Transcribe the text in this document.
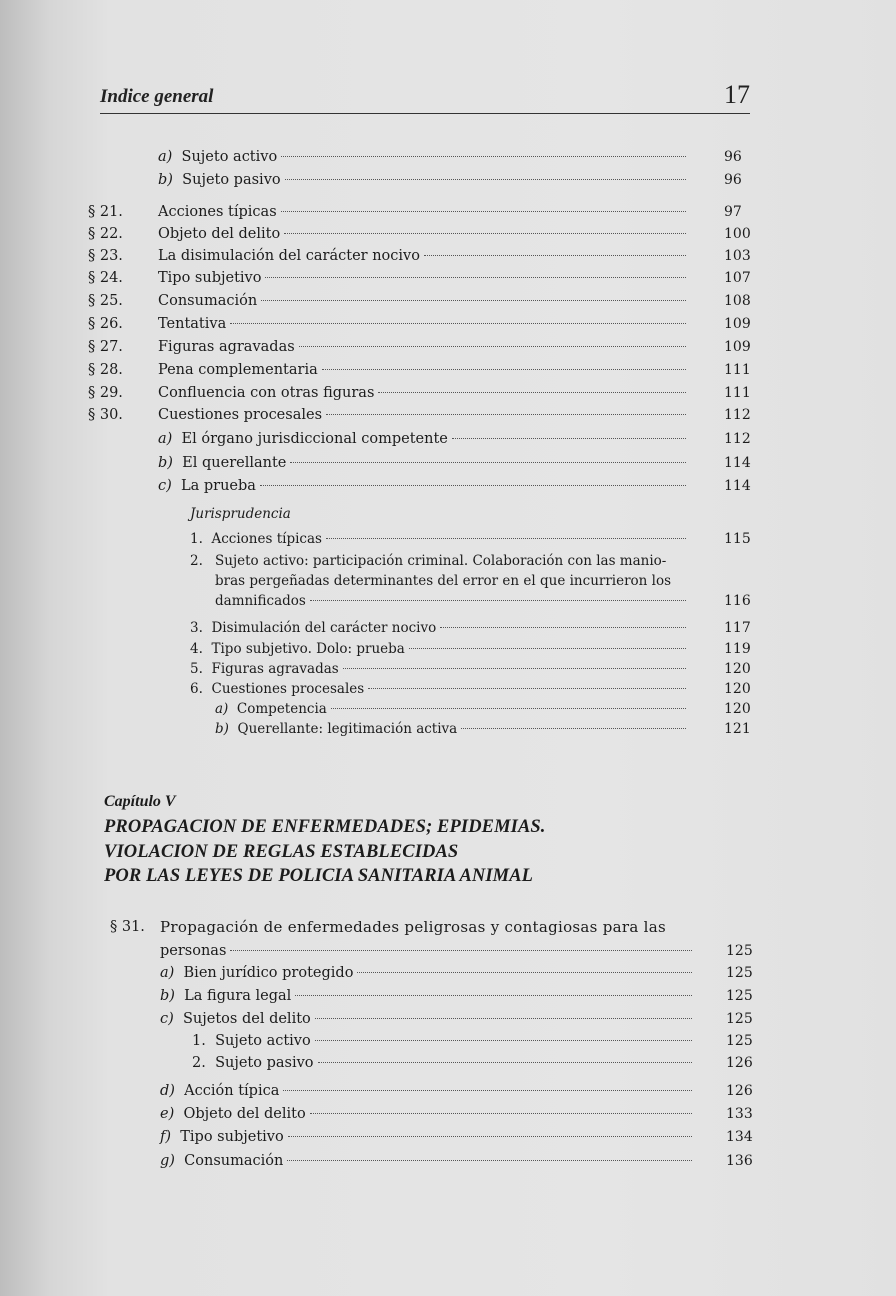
Indice general	17
a) Sujeto activo	96
b) Sujeto pasivo	96
§ 21.	Acciones típicas	97
§ 22.	Objeto del delito	100
§ 23.	La disimulación del carácter nocivo	103
§ 24.	Tipo subjetivo	107
§ 25.	Consumación	108
§ 26.	Tentativa	109
§ 27.	Figuras agravadas	109
§ 28.	Pena complementaria	111
§ 29.	Confluencia con otras figuras	111
§ 30.	Cuestiones procesales	112
a) El órgano jurisdiccional competente	112
b) El querellante	114
c) La prueba	114
Jurisprudencia
1. Acciones típicas	115
2. Sujeto activo: participación criminal. Colaboración con las manio-
bras pergeñadas determinantes del error en el que incurrieron los
damnificados	116
3. Disimulación del carácter nocivo	117
4. Tipo subjetivo. Dolo: prueba	119
5. Figuras agravadas	120
6. Cuestiones procesales	120
a) Competencia	120
b) Querellante: legitimación activa	121
Capítulo V
PROPAGACION DE ENFERMEDADES; EPIDEMIAS.
VIOLACION DE REGLAS ESTABLECIDAS
POR LAS LEYES DE POLICIA SANITARIA ANIMAL
§ 31. Propagación de enfermedades peligrosas y contagiosas para las
personas	125
a) Bien jurídico protegido	125
b) La figura legal	125
c) Sujetos del delito	125
1. Sujeto activo	125
2. Sujeto pasivo	126
d) Acción típica	126
e) Objeto del delito	133
f) Tipo subjetivo	134
g) Consumación	136
